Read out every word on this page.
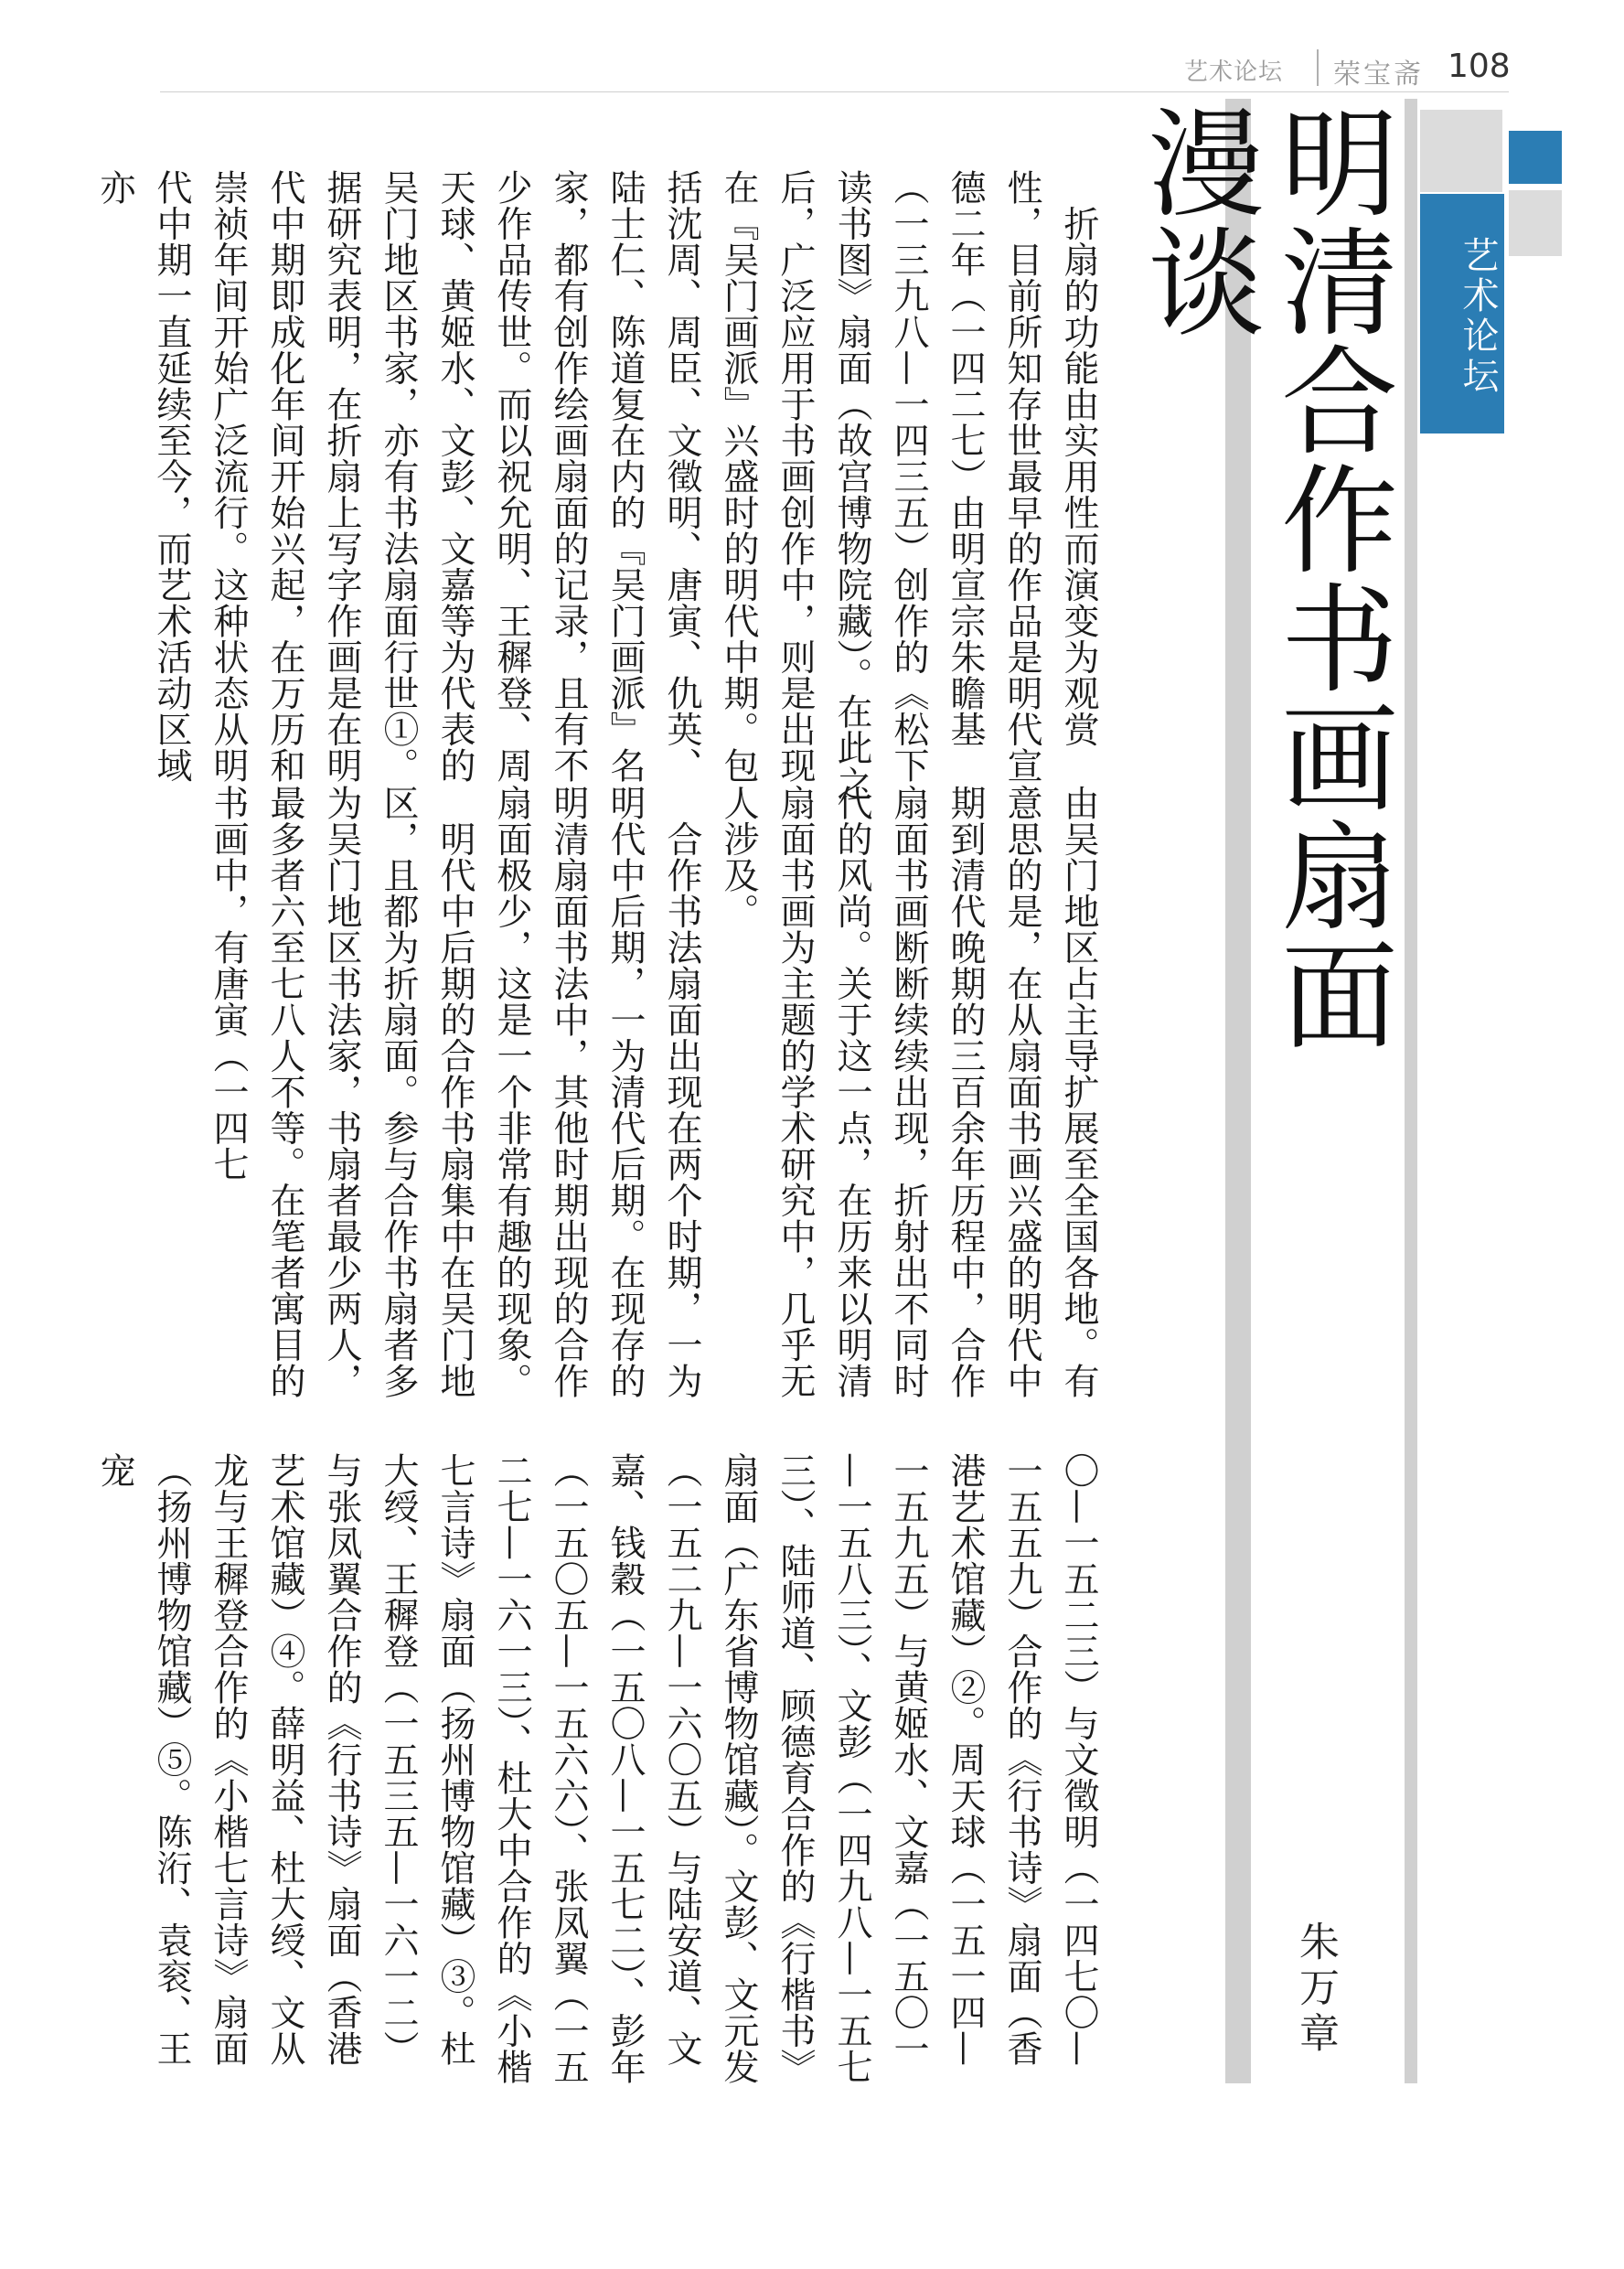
艺术论坛 荣宝斋 108
艺术论坛
明清合作书画扇面漫谈
朱万章

　折扇的功能由实用性而演变为观赏性，目前所知存世最早的作品是明代宣德二年（一四二七）由明宣宗朱瞻基（一三九八—一四三五）创作的《松下读书图》扇面（故宫博物院藏）。在此之后，广泛应用于书画创作中，则是出现在『吴门画派』兴盛时的明代中期。包括沈周、周臣、文徵明、唐寅、仇英、陆士仁、陈道复在内的『吴门画派』名家，都有创作绘画扇面的记录，且有不少作品传世。而以祝允明、王穉登、周天球、黄姬水、文彭、文嘉等为代表的吴门地区书家，亦有书法扇面行世①。据研究表明，在折扇上写字作画是在明代中期即成化年间开始兴起，在万历和崇祯年间开始广泛流行。这种状态从明代中期一直延续至今，而艺术活动区域亦

由吴门地区占主导扩展至全国各地。有意思的是，在从扇面书画兴盛的明代中期到清代晚期的三百余年历程中，合作扇面书画断断续续出现，折射出不同时代的风尚。关于这一点，在历来以明清扇面书画为主题的学术研究中，几乎无人涉及。

　合作书法扇面出现在两个时期，一为明代中后期，一为清代后期。在现存的明清扇面书法中，其他时期出现的合作扇面极少，这是一个非常有趣的现象。

　明代中后期的合作书扇集中在吴门地区，且都为折扇面。参与合作书扇者多为吴门地区书法家，书扇者最少两人，最多者六至七八人不等。在笔者寓目的书画中，有唐寅（一四七

〇—一五二三）与文徵明（一四七〇—一五五九）合作的《行书诗》扇面（香港艺术馆藏）②。周天球（一五一四—一五九五）与黄姬水、文嘉（一五〇一—一五八三）、文彭（一四九八—一五七三）、陆师道、顾德育合作的《行楷书》扇面（广东省博物馆藏）。文彭、文元发（一五二九—一六〇五）与陆安道、文嘉、钱穀（一五〇八—一五七二）、彭年（一五〇五—一五六六）、张凤翼（一五二七—一六一三）、杜大中合作的《小楷七言诗》扇面（扬州博物馆藏）③。杜大绶、王穉登（一五三五—一六一二）与张凤翼合作的《行书诗》扇面（香港艺术馆藏）④。薛明益、杜大绶、文从龙与王穉登合作的《小楷七言诗》扇面（扬州博物馆藏）⑤。陈洐、袁衮、王宠
